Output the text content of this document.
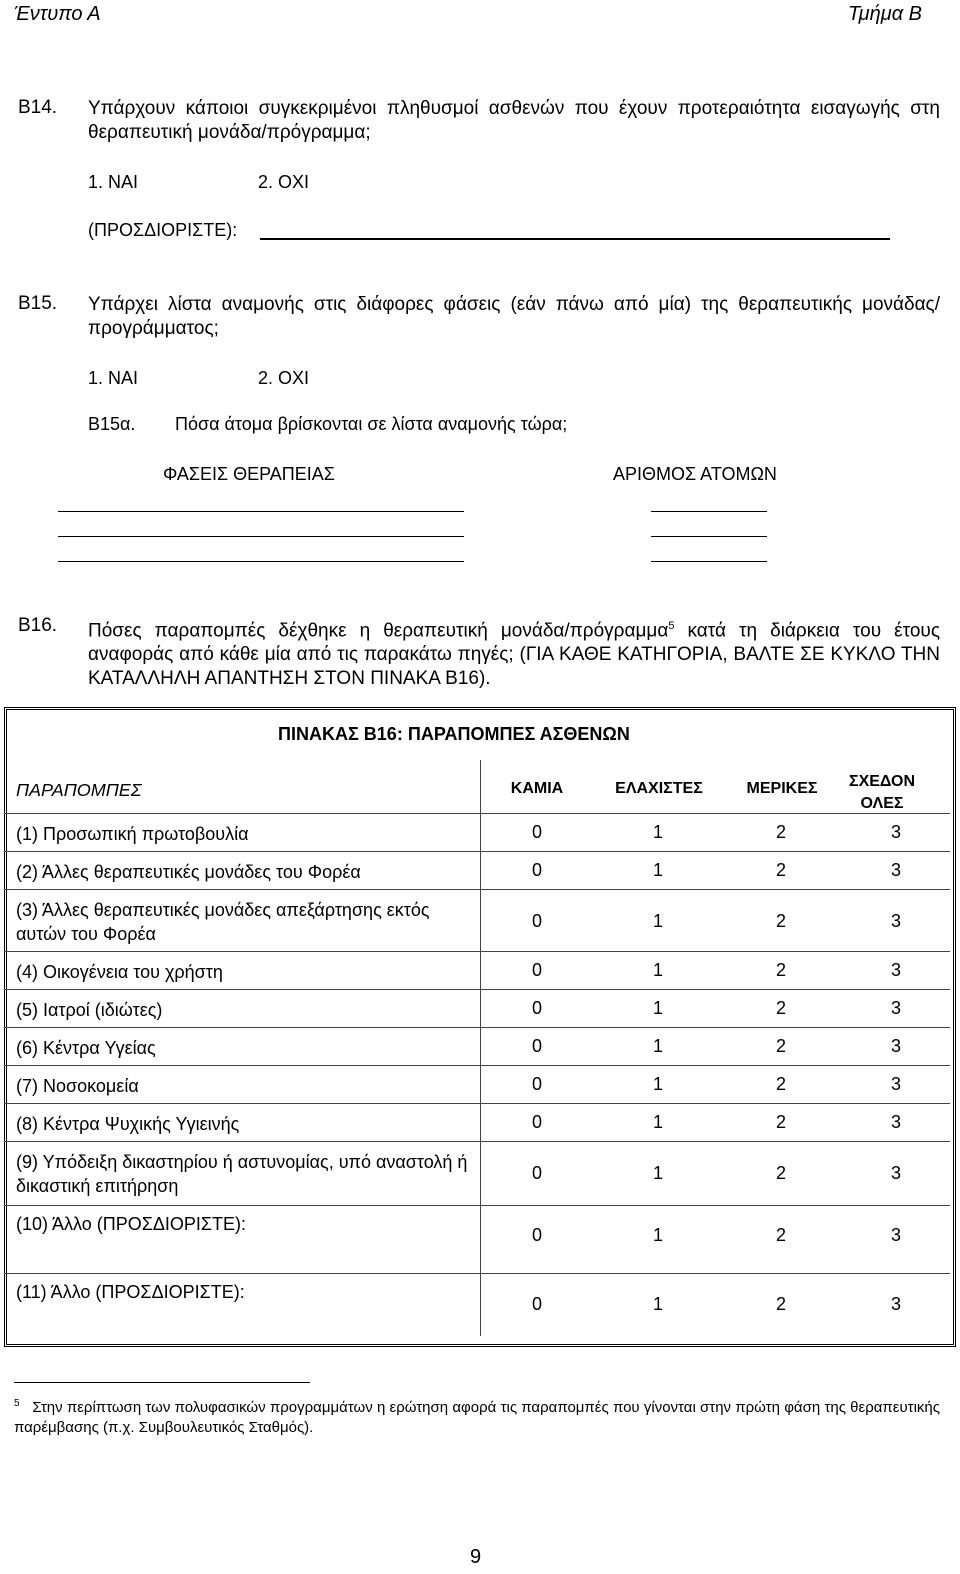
Έντυπο Α	Τμήμα Β
Β14. Υπάρχουν κάποιοι συγκεκριμένοι πληθυσμοί ασθενών που έχουν προτεραιότητα εισαγωγής στη θεραπευτική μονάδα/πρόγραμμα;
1. ΝΑΙ	2. ΟΧΙ
(ΠΡΟΣΔΙΟΡΙΣΤΕ):
Β15. Υπάρχει λίστα αναμονής στις διάφορες φάσεις (εάν πάνω από μία) της θεραπευτικής μονάδας/προγράμματος;
1. ΝΑΙ	2. ΟΧΙ
Β15α. Πόσα άτομα βρίσκονται σε λίστα αναμονής τώρα;
ΦΑΣΕΙΣ ΘΕΡΑΠΕΙΑΣ	ΑΡΙΘΜΟΣ ΑΤΟΜΩΝ
Β16. Πόσες παραπομπές δέχθηκε η θεραπευτική μονάδα/πρόγραμμα$^5$ κατά τη διάρκεια του έτους αναφοράς από κάθε μία από τις παρακάτω πηγές; (ΓΙΑ ΚΑΘΕ ΚΑΤΗΓΟΡΙΑ, ΒΑΛΤΕ ΣΕ ΚΥΚΛΟ ΤΗΝ ΚΑΤΑΛΛΗΛΗ ΑΠΑΝΤΗΣΗ ΣΤΟΝ ΠΙΝΑΚΑ Β16).
ΠΙΝΑΚΑΣ Β16: ΠΑΡΑΠΟΜΠΕΣ ΑΣΘΕΝΩΝ
ΠΑΡΑΠΟΜΠΕΣ	ΚΑΜΙΑ	ΕΛΑΧΙΣΤΕΣ	ΜΕΡΙΚΕΣ	ΣΧΕΔΟΝ ΟΛΕΣ
(1) Προσωπική πρωτοβουλία	0	1	2	3
(2) Άλλες θεραπευτικές μονάδες του Φορέα	0	1	2	3
(3) Άλλες θεραπευτικές μονάδες απεξάρτησης εκτός αυτών του Φορέα
0	1	2	3
(4) Οικογένεια του χρήστη	0	1	2	3
(5) Ιατροί (ιδιώτες)	0	1	2	3
(6) Κέντρα Υγείας	0	1	2	3
(7) Νοσοκομεία	0	1	2	3
(8) Κέντρα Ψυχικής Υγιεινής	0	1	2	3
(9) Υπόδειξη δικαστηρίου ή αστυνομίας, υπό αναστολή ή δικαστική επιτήρηση
0	1	2	3
(10) Άλλο (ΠΡΟΣΔΙΟΡΙΣΤΕ):
0	1	2	3
(11) Άλλο (ΠΡΟΣΔΙΟΡΙΣΤΕ):
0	1	2	3
$^5$ Στην περίπτωση των πολυφασικών προγραμμάτων η ερώτηση αφορά τις παραπομπές που γίνονται στην πρώτη φάση της θεραπευτικής παρέμβασης (π.χ. Συμβουλευτικός Σταθμός).
9
